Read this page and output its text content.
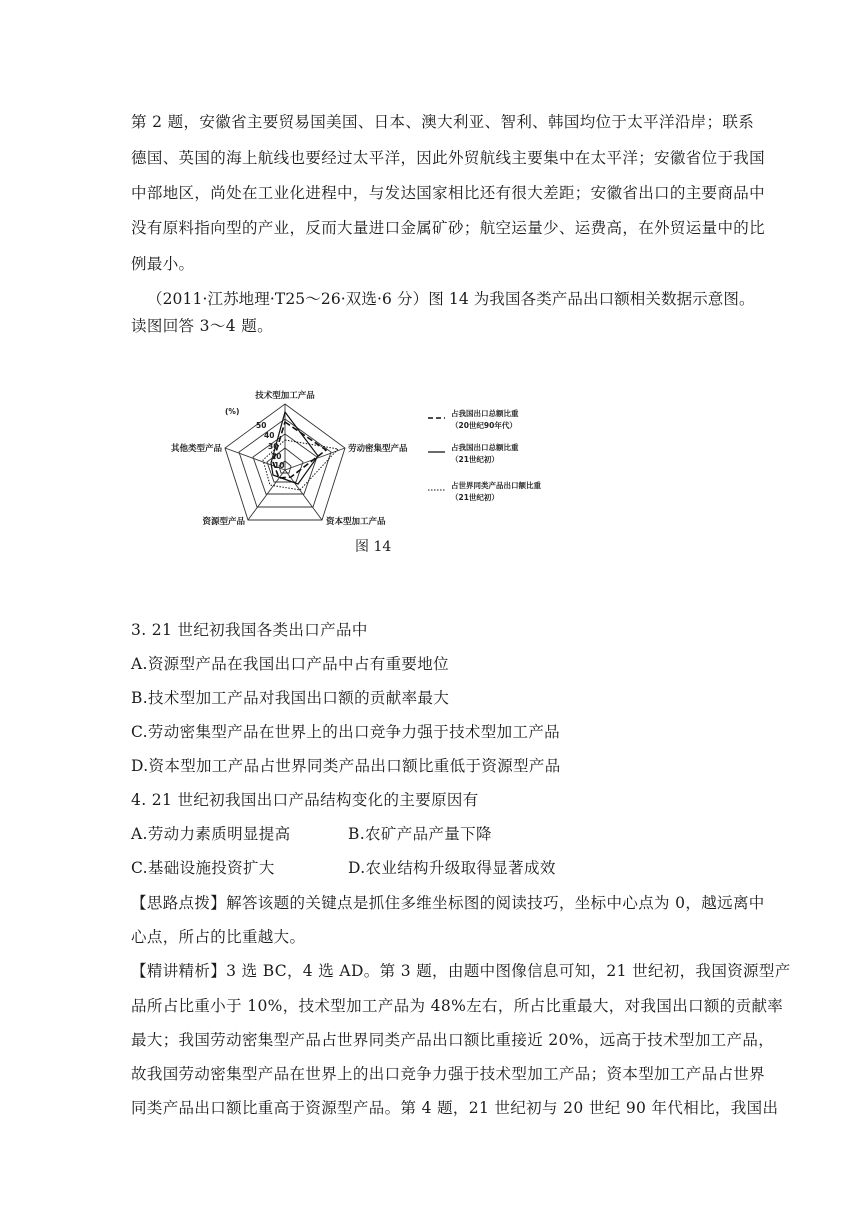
第 2 题，安徽省主要贸易国美国、日本、澳大利亚、智利、韩国均位于太平洋沿岸；联系
德国、英国的海上航线也要经过太平洋，因此外贸航线主要集中在太平洋；安徽省位于我国
中部地区，尚处在工业化进程中，与发达国家相比还有很大差距；安徽省出口的主要商品中
没有原料指向型的产业，反而大量进口金属矿砂；航空运量少、运费高，在外贸运量中的比
例最小。
（2011·江苏地理·T25～26·双选·6 分）图 14 为我国各类产品出口额相关数据示意图。
读图回答 3～4 题。
(%)
50
40
30
20
10
技术型加工产品
劳动密集型产品
资本型加工产品
资源型产品
其他类型产品
占我国出口总额比重
（20世纪90年代）
占我国出口总额比重
（21世纪初）
占世界同类产品出口额比重
（21世纪初）
图 14
3. 21 世纪初我国各类出口产品中
A.资源型产品在我国出口产品中占有重要地位
B.技术型加工产品对我国出口额的贡献率最大
C.劳动密集型产品在世界上的出口竞争力强于技术型加工产品
D.资本型加工产品占世界同类产品出口额比重低于资源型产品
4. 21 世纪初我国出口产品结构变化的主要原因有
A.劳动力素质明显提高	B.农矿产品产量下降
C.基础设施投资扩大	D.农业结构升级取得显著成效
【思路点拨】解答该题的关键点是抓住多维坐标图的阅读技巧，坐标中心点为 0，越远离中
心点，所占的比重越大。
【精讲精析】3 选 BC，4 选 AD。第 3 题，由题中图像信息可知，21 世纪初，我国资源型产
品所占比重小于 10%，技术型加工产品为 48%左右，所占比重最大，对我国出口额的贡献率
最大；我国劳动密集型产品占世界同类产品出口额比重接近 20%，远高于技术型加工产品，
故我国劳动密集型产品在世界上的出口竞争力强于技术型加工产品；资本型加工产品占世界
同类产品出口额比重高于资源型产品。第 4 题，21 世纪初与 20 世纪 90 年代相比，我国出
